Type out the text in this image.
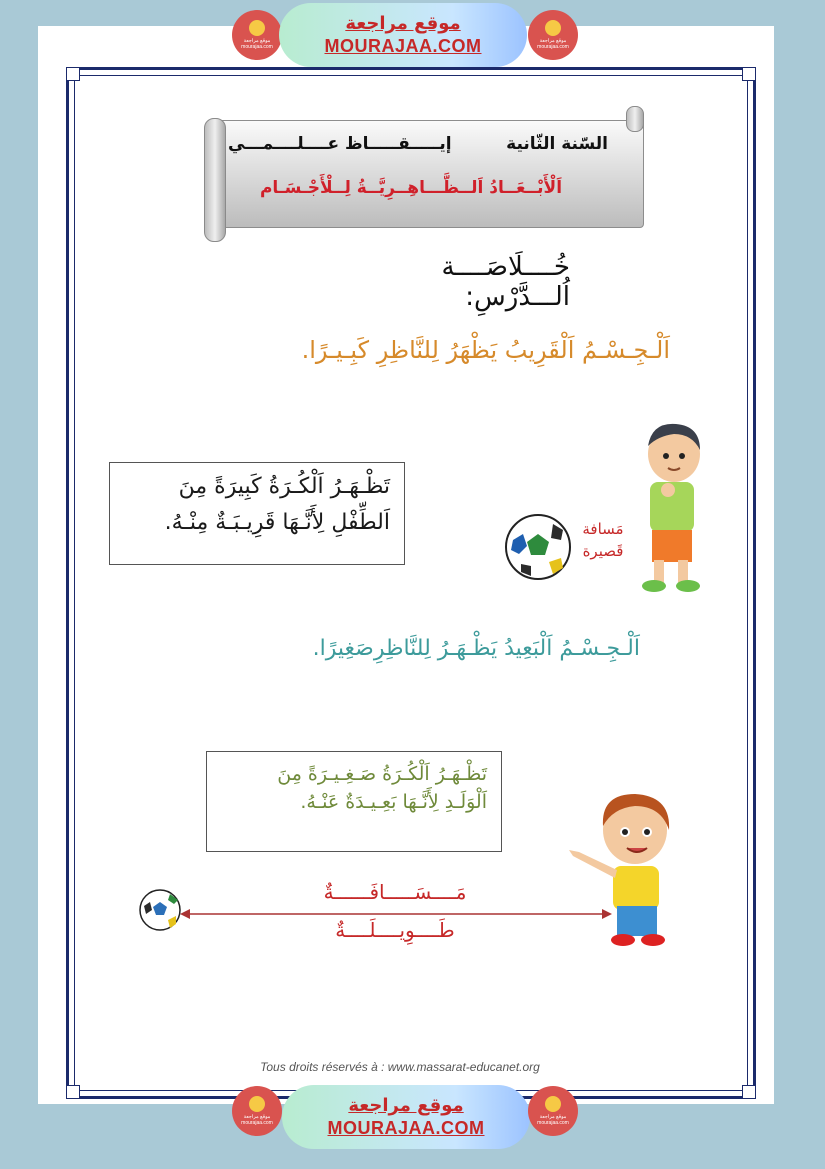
موقع مراجعة mourajaa.com
موقع مراجعة
MOURAJAA.COM	موقع مراجعة mourajaa.com
السّنة الثّانية
إيـــــقـــــاظ عــــلــــمـــي
اَلْأَبْــعَــادُ اَلــظَّـــاهِــرِيَّــةُ لِــلْأَجْـسَـام
خُــــلَاصَــــة اُلـــدَّرْسِ:
اَلْـجِـسْـمُ اَلْقَرِيبُ يَظْهَرُ لِلنَّاظِرِ كَبِـيـرًا.
تَظْـهَـرُ اَلْكُـرَةُ كَبِيرَةً مِنَ
اَلطِّفْلِ لِأَنَّـهَا قَرِيـبَـةٌ مِنْـهُ.	مَسافة
قَصيرة
اَلْـجِـسْـمُ اَلْبَعِيدُ يَظْـهَـرُ لِلنَّاظِرِصَغِيرًا.
تَظْـهَـرُ اَلْكُـرَةُ صَـغِـيـرَةً مِنَ
اَلْوَلَـدِ لِأَنَّـهَا بَعِـيـدَةٌ عَنْـهُ.
مَــــسَـــــافَــــــةٌ
طَــــوِيــــلَــــةٌ
Tous droits réservés à : www.massarat-educanet.org
موقع مراجعة mourajaa.com
موقع مراجعة
MOURAJAA.COM
موقع مراجعة mourajaa.com
